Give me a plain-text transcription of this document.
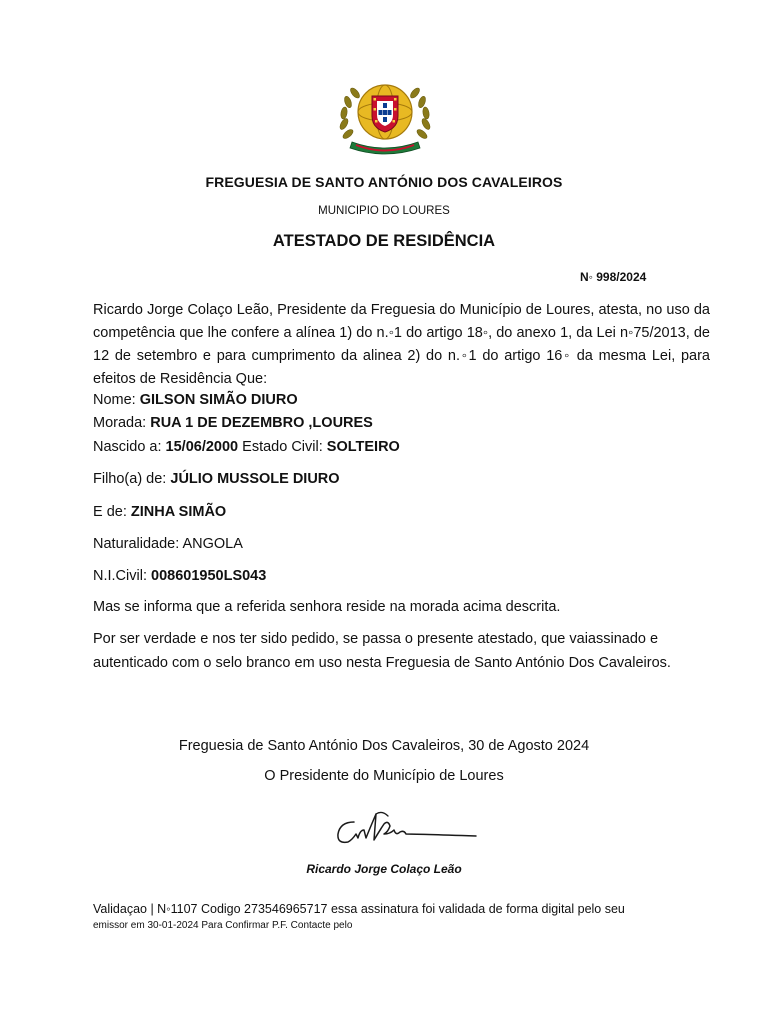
FREGUESIA DE SANTO ANTÓNIO DOS CAVALEIROS
MUNICIPIO DO LOURES
ATESTADO DE RESIDÊNCIA
N◦ 998/2024
Ricardo Jorge Colaço Leão, Presidente da Freguesia do Município de Loures, atesta, no uso da competência que lhe confere a alínea 1) do n.◦1 do artigo 18◦, do anexo 1, da Lei n◦75/2013, de 12 de setembro e para cumprimento da alinea 2) do n.◦1 do artigo 16◦ da mesma Lei, para efeitos de Residência Que:
Nome: GILSON SIMÃO DIURO
Morada: RUA 1 DE DEZEMBRO ,LOURES
Nascido a: 15/06/2000 Estado Civil: SOLTEIRO
Filho(a) de: JÚLIO MUSSOLE DIURO
E de: ZINHA SIMÃO
Naturalidade: ANGOLA
N.I.Civil: 008601950LS043
Mas se informa que a referida senhora reside na morada acima descrita.
Por ser verdade e nos ter sido pedido, se passa o presente atestado, que vaiassinado e autenticado com o selo branco em uso nesta Freguesia de Santo António Dos Cavaleiros.
Freguesia de Santo António Dos Cavaleiros, 30 de Agosto 2024
O Presidente do Município de Loures
Ricardo Jorge Colaço Leão
Validaçao | N◦1107 Codigo 273546965717 essa assinatura foi validada de forma digital pelo seu
emissor em 30-01-2024 Para Confirmar P.F. Contacte pelo
